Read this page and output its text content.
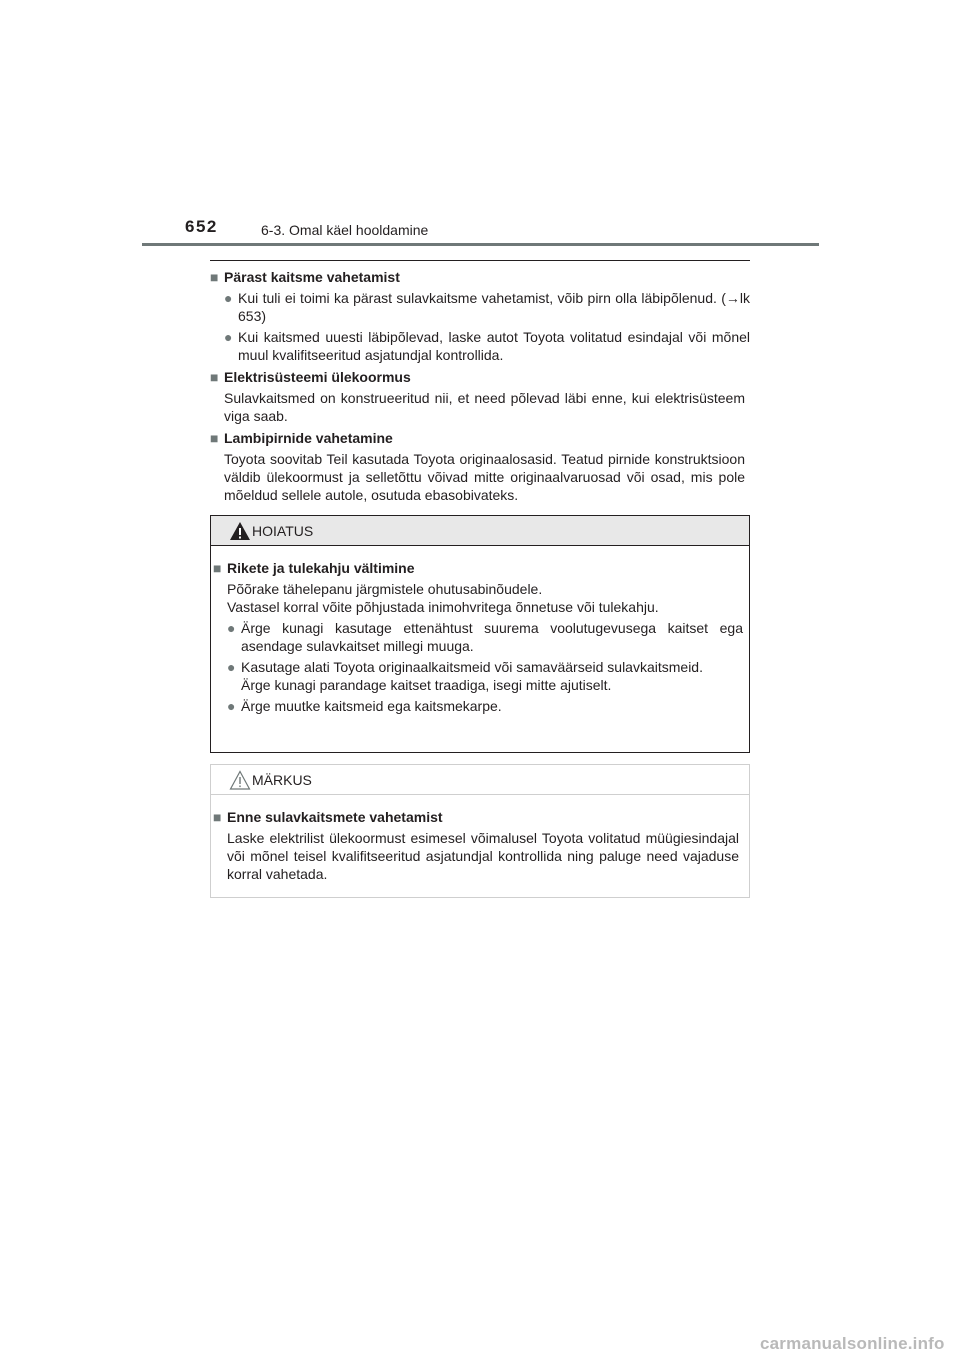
652	6-3. Omal käel hooldamine
■ Pärast kaitsme vahetamist
● Kui tuli ei toimi ka pärast sulavkaitsme vahetamist, võib pirn olla läbipõlenud. (→lk 653)
● Kui kaitsmed uuesti läbipõlevad, laske autot Toyota volitatud esindajal või mõnel muul kvalifitseeritud asjatundjal kontrollida.
■ Elektrisüsteemi ülekoormus
Sulavkaitsmed on konstrueeritud nii, et need põlevad läbi enne, kui elektrisüsteem viga saab.
■ Lambipirnide vahetamine
Toyota soovitab Teil kasutada Toyota originaalosasid. Teatud pirnide konstruktsioon väldib ülekoormust ja selletõttu võivad mitte originaalvaruosad või osad, mis pole mõeldud sellele autole, osutuda ebasobivateks.
HOIATUS
■ Rikete ja tulekahju vältimine
Põõrake tähelepanu järgmistele ohutusabinõudele.
Vastasel korral võite põhjustada inimohvritega õnnetuse või tulekahju.
● Ärge kunagi kasutage ettenähtust suurema voolutugevusega kaitset ega asendage sulavkaitset millegi muuga.
● Kasutage alati Toyota originaalkaitsmeid või samaväärseid sulavkaitsmeid.
Ärge kunagi parandage kaitset traadiga, isegi mitte ajutiselt.
● Ärge muutke kaitsmeid ega kaitsmekarpe.
MÄRKUS
■ Enne sulavkaitsmete vahetamist
Laske elektrilist ülekoormust esimesel võimalusel Toyota volitatud müügiesindajal või mõnel teisel kvalifitseeritud asjatundjal kontrollida ning paluge need vajaduse korral vahetada.
carmanualsonline.info
